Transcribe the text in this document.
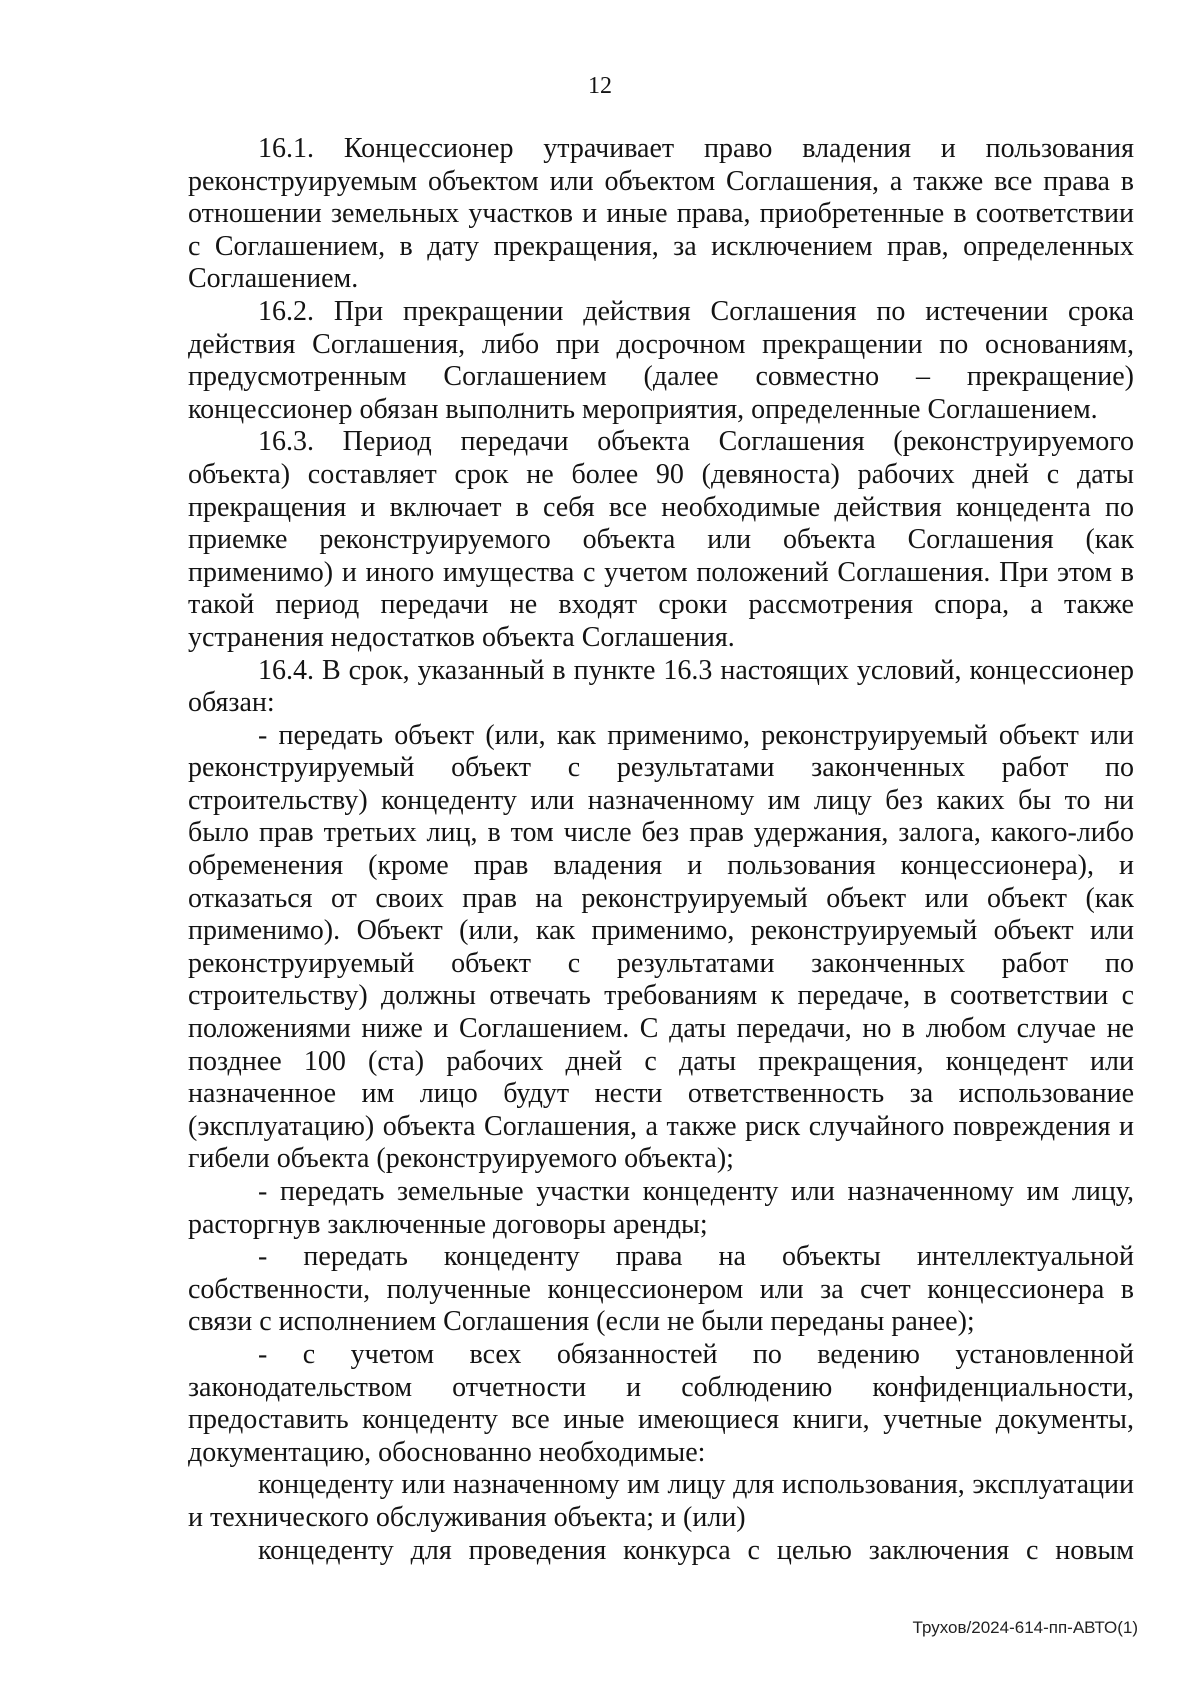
12

16.1. Концессионер утрачивает право владения и пользования реконструируемым объектом или объектом Соглашения, а также все права в отношении земельных участков и иные права, приобретенные в соответствии с Соглашением, в дату прекращения, за исключением прав, определенных Соглашением.

16.2. При прекращении действия Соглашения по истечении срока действия Соглашения, либо при досрочном прекращении по основаниям, предусмотренным Соглашением (далее совместно – прекращение) концессионер обязан выполнить мероприятия, определенные Соглашением.

16.3. Период передачи объекта Соглашения (реконструируемого объекта) составляет срок не более 90 (девяноста) рабочих дней с даты прекращения и включает в себя все необходимые действия концедента по приемке реконструируемого объекта или объекта Соглашения (как применимо) и иного имущества с учетом положений Соглашения. При этом в такой период передачи не входят сроки рассмотрения спора, а также устранения недостатков объекта Соглашения.

16.4. В срок, указанный в пункте 16.3 настоящих условий, концессионер обязан:

- передать объект (или, как применимо, реконструируемый объект или реконструируемый объект с результатами законченных работ по строительству) концеденту или назначенному им лицу без каких бы то ни было прав третьих лиц, в том числе без прав удержания, залога, какого-либо обременения (кроме прав владения и пользования концессионера), и отказаться от своих прав на реконструируемый объект или объект (как применимо). Объект (или, как применимо, реконструируемый объект или реконструируемый объект с результатами законченных работ по строительству) должны отвечать требованиям к передаче, в соответствии с положениями ниже и Соглашением. С даты передачи, но в любом случае не позднее 100 (ста) рабочих дней с даты прекращения, концедент или назначенное им лицо будут нести ответственность за использование (эксплуатацию) объекта Соглашения, а также риск случайного повреждения и гибели объекта (реконструируемого объекта);

- передать земельные участки концеденту или назначенному им лицу, расторгнув заключенные договоры аренды;

- передать концеденту права на объекты интеллектуальной собственности, полученные концессионером или за счет концессионера в связи с исполнением Соглашения (если не были переданы ранее);

- с учетом всех обязанностей по ведению установленной законодательством отчетности и соблюдению конфиденциальности, предоставить концеденту все иные имеющиеся книги, учетные документы, документацию, обоснованно необходимые:

концеденту или назначенному им лицу для использования, эксплуатации и технического обслуживания объекта; и (или)

концеденту для проведения конкурса с целью заключения с новым

Трухов/2024-614-пп-АВТО(1)
